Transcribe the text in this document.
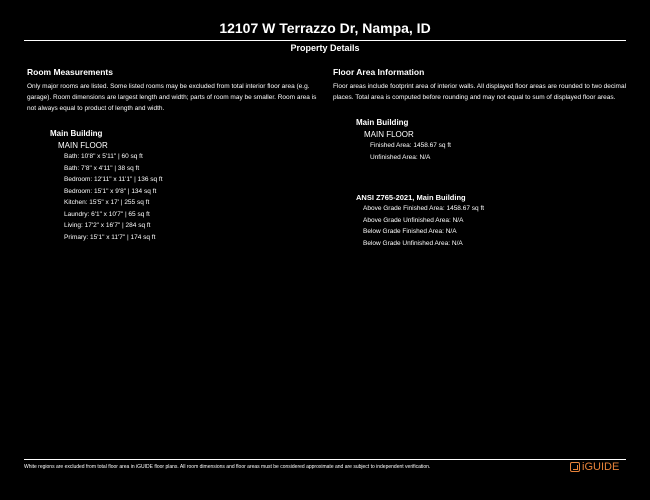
12107 W Terrazzo Dr, Nampa, ID
Property Details
Room Measurements
Only major rooms are listed. Some listed rooms may be excluded from total interior floor area (e.g. garage). Room dimensions are largest length and width; parts of room may be smaller. Room area is not always equal to product of length and width.
Main Building
MAIN FLOOR
Bath: 10'8" x 5'11" | 60 sq ft
Bath: 7'8" x 4'11" | 38 sq ft
Bedroom: 12'11" x 11'1" | 136 sq ft
Bedroom: 15'1" x 9'8" | 134 sq ft
Kitchen: 15'5" x 17' | 255 sq ft
Laundry: 6'1" x 10'7" | 65 sq ft
Living: 17'2" x 16'7" | 284 sq ft
Primary: 15'1" x 11'7" | 174 sq ft
Floor Area Information
Floor areas include footprint area of interior walls. All displayed floor areas are rounded to two decimal places. Total area is computed before rounding and may not equal to sum of displayed floor areas.
Main Building
MAIN FLOOR
Finished Area: 1458.67 sq ft
Unfinished Area: N/A
ANSI Z765-2021, Main Building
Above Grade Finished Area: 1458.67 sq ft
Above Grade Unfinished Area: N/A
Below Grade Finished Area: N/A
Below Grade Unfinished Area: N/A
White regions are excluded from total floor area in iGUIDE floor plans. All room dimensions and floor areas must be considered approximate and are subject to independent verification.	iGUIDE
